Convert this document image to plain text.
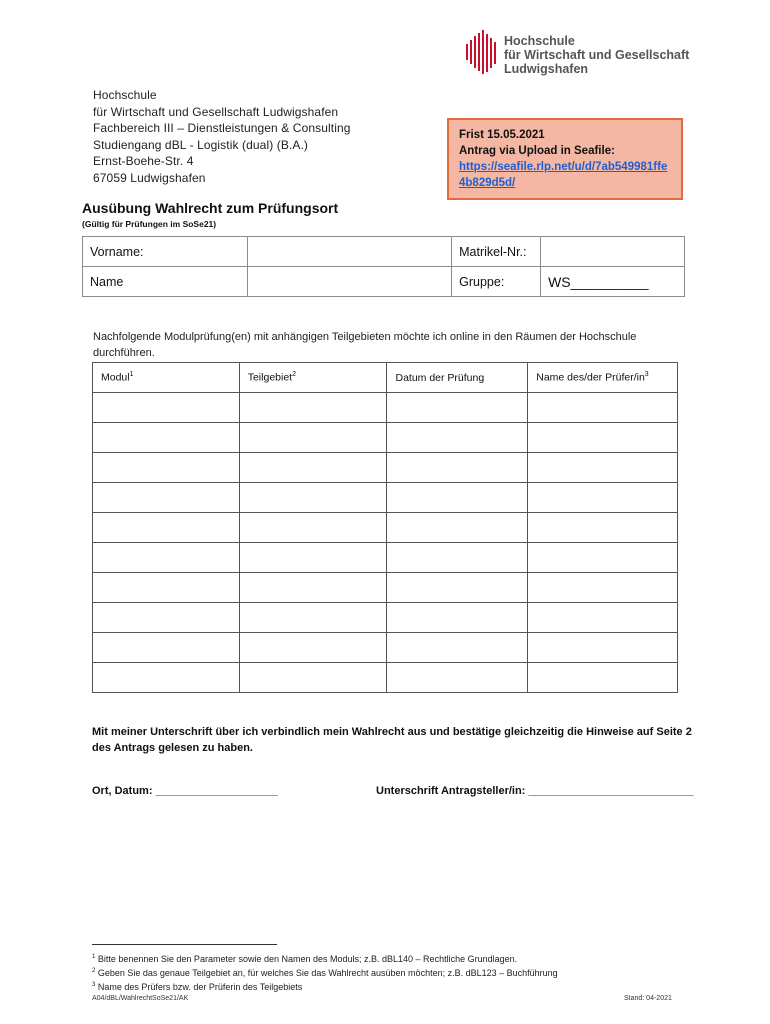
Hochschule
für Wirtschaft und Gesellschaft
Ludwigshafen
Hochschule
für Wirtschaft und Gesellschaft Ludwigshafen
Fachbereich III – Dienstleistungen & Consulting
Studiengang dBL - Logistik (dual) (B.A.)
Ernst-Boehe-Str. 4
67059 Ludwigshafen
Frist 15.05.2021
Antrag via Upload in Seafile:
https://seafile.rlp.net/u/d/7ab549981ffe4b829d5d/
Ausübung Wahlrecht zum Prüfungsort
(Gültig für Prüfungen im SoSe21)
Vorname:		Matrikel-Nr.:	
Name		Gruppe:	WS__________
Nachfolgende Modulprüfung(en) mit anhängigen Teilgebieten möchte ich online in den Räumen der Hochschule durchführen.
Modul$^1$	Teilgebiet$^2$	Datum der Prüfung	Name des/der Prüfer/$in^3$

Mit meiner Unterschrift über ich verbindlich mein Wahlrecht aus und bestätige gleichzeitig die Hinweise auf Seite 2 des Antrags gelesen zu haben.
Ort, Datum: ____________________	Unterschrift Antragsteller/in: ___________________________
$^1$ Bitte benennen Sie den Parameter sowie den Namen des Moduls; z.B. dBL140 – Rechtliche Grundlagen.
$^2$ Geben Sie das genaue Teilgebiet an, für welches Sie das Wahlrecht ausüben möchten; z.B. dBL123 – Buchführung
$^3$ Name des Prüfers bzw. der Prüferin des Teilgebiets
A04/dBL/WahlrechtSoSe21/AK	Stand: 04-2021
